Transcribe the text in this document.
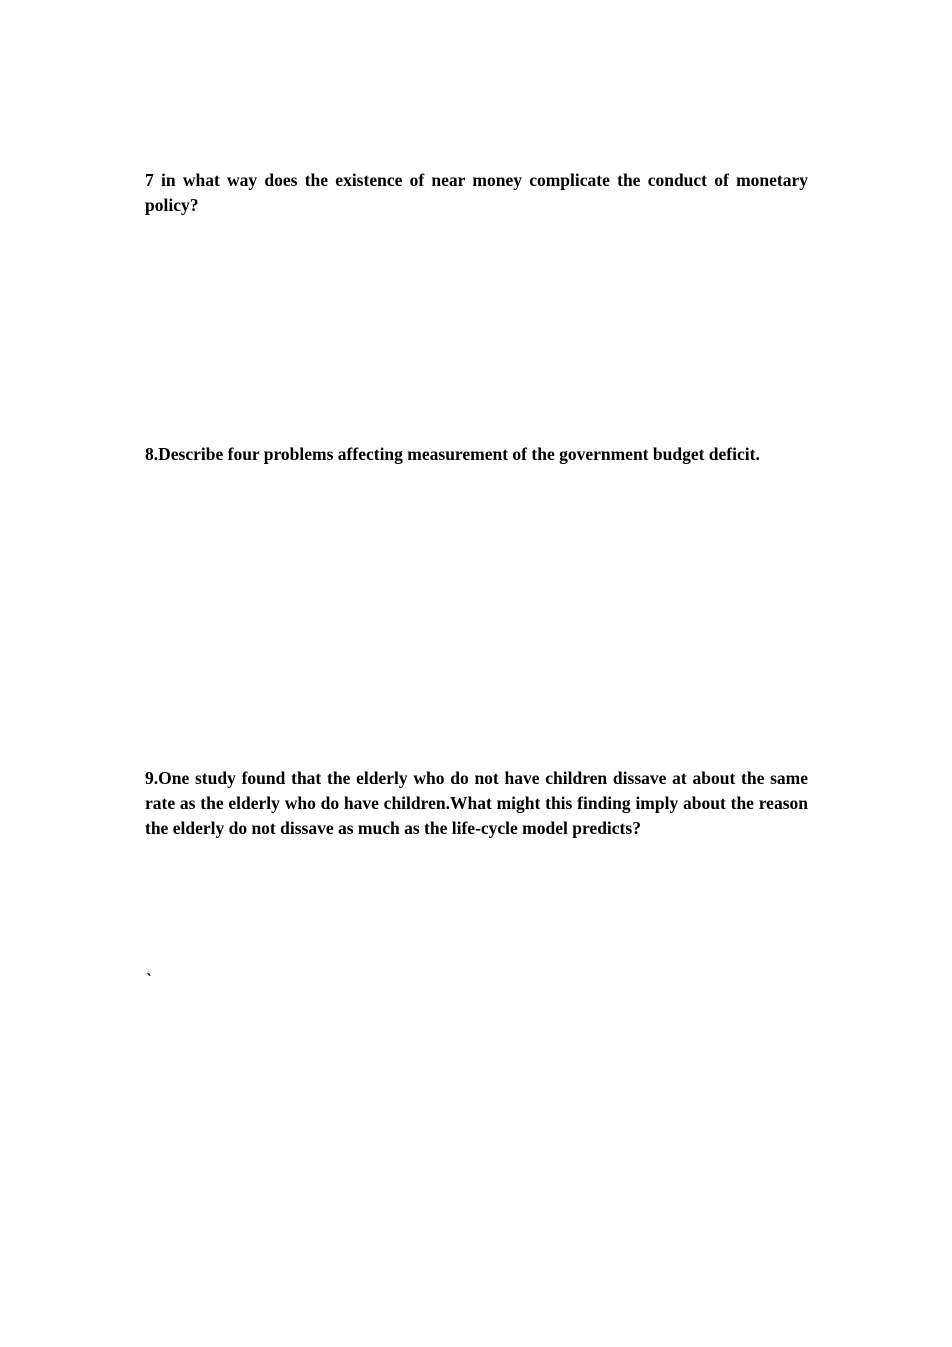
7 in what way does the existence of near money complicate the conduct of monetary policy?

8.Describe four problems affecting measurement of the government budget deficit.

9.One study found that the elderly who do not have children dissave at about the same rate as the elderly who do have children.What might this finding imply about the reason the elderly do not dissave as much as the life-cycle model predicts?

`
